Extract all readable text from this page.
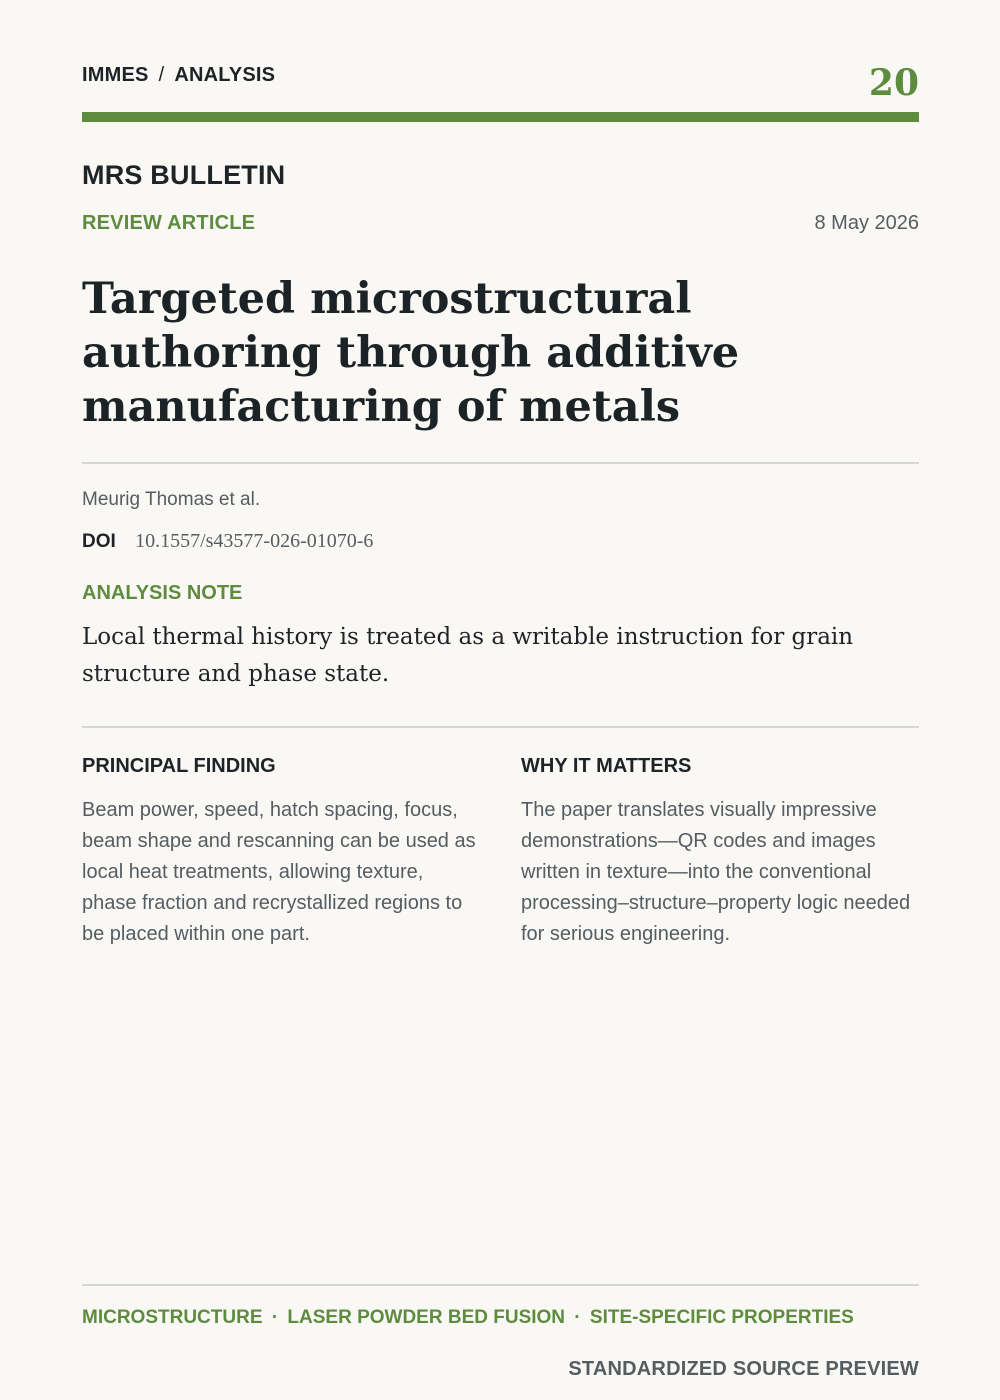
IMMES / ANALYSIS	20
MRS BULLETIN
REVIEW ARTICLE	8 May 2026
Targeted microstructural authoring through additive manufacturing of metals
Meurig Thomas et al.
DOI 10.1557/s43577-026-01070-6
ANALYSIS NOTE

Local thermal history is treated as a writable instruction for grain structure and phase state.

PRINCIPAL FINDING

Beam power, speed, hatch spacing, focus, beam shape and rescanning can be used as local heat treatments, allowing texture, phase fraction and recrystallized regions to be placed within one part.

WHY IT MATTERS

The paper translates visually impressive demonstrations—QR codes and images written in texture—into the conventional processing–structure–property logic needed for serious engineering.

MICROSTRUCTURE · LASER POWDER BED FUSION · SITE-SPECIFIC PROPERTIES
STANDARDIZED SOURCE PREVIEW
